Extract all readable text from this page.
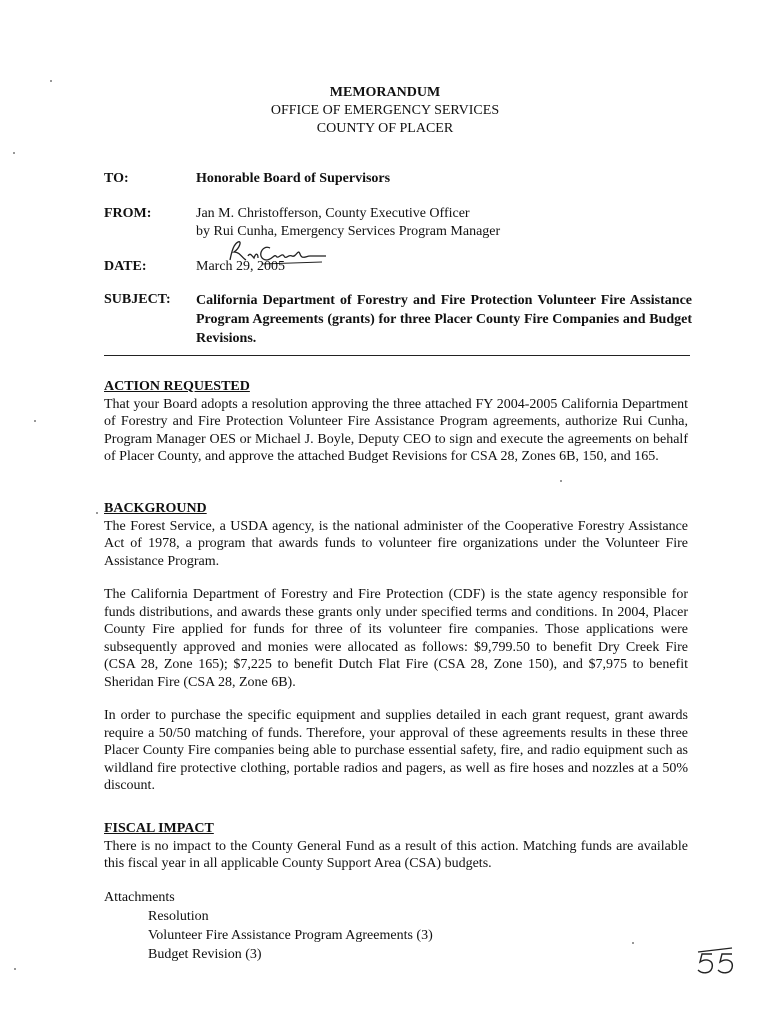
MEMORANDUM
OFFICE OF EMERGENCY SERVICES
COUNTY OF PLACER
TO:	Honorable Board of Supervisors
FROM:	Jan M. Christofferson, County Executive Officer
by Rui Cunha, Emergency Services Program Manager
DATE:	March 29, 2005
SUBJECT:	California Department of Forestry and Fire Protection Volunteer Fire Assistance Program Agreements (grants) for three Placer County Fire Companies and Budget Revisions.
ACTION REQUESTED

That your Board adopts a resolution approving the three attached FY 2004-2005 California Department of Forestry and Fire Protection Volunteer Fire Assistance Program agreements, authorize Rui Cunha, Program Manager OES or Michael J. Boyle, Deputy CEO to sign and execute the agreements on behalf of Placer County, and approve the attached Budget Revisions for CSA 28, Zones 6B, 150, and 165.

BACKGROUND

The Forest Service, a USDA agency, is the national administer of the Cooperative Forestry Assistance Act of 1978, a program that awards funds to volunteer fire organizations under the Volunteer Fire Assistance Program.

The California Department of Forestry and Fire Protection (CDF) is the state agency responsible for funds distributions, and awards these grants only under specified terms and conditions. In 2004, Placer County Fire applied for funds for three of its volunteer fire companies. Those applications were subsequently approved and monies were allocated as follows: $9,799.50 to benefit Dry Creek Fire (CSA 28, Zone 165); $7,225 to benefit Dutch Flat Fire (CSA 28, Zone 150), and $7,975 to benefit Sheridan Fire (CSA 28, Zone 6B).

In order to purchase the specific equipment and supplies detailed in each grant request, grant awards require a 50/50 matching of funds. Therefore, your approval of these agreements results in these three Placer County Fire companies being able to purchase essential safety, fire, and radio equipment such as wildland fire protective clothing, portable radios and pagers, as well as fire hoses and nozzles at a 50% discount.

FISCAL IMPACT

There is no impact to the County General Fund as a result of this action. Matching funds are available this fiscal year in all applicable County Support Area (CSA) budgets.

Attachments
Resolution
Volunteer Fire Assistance Program Agreements (3)
Budget Revision (3)
